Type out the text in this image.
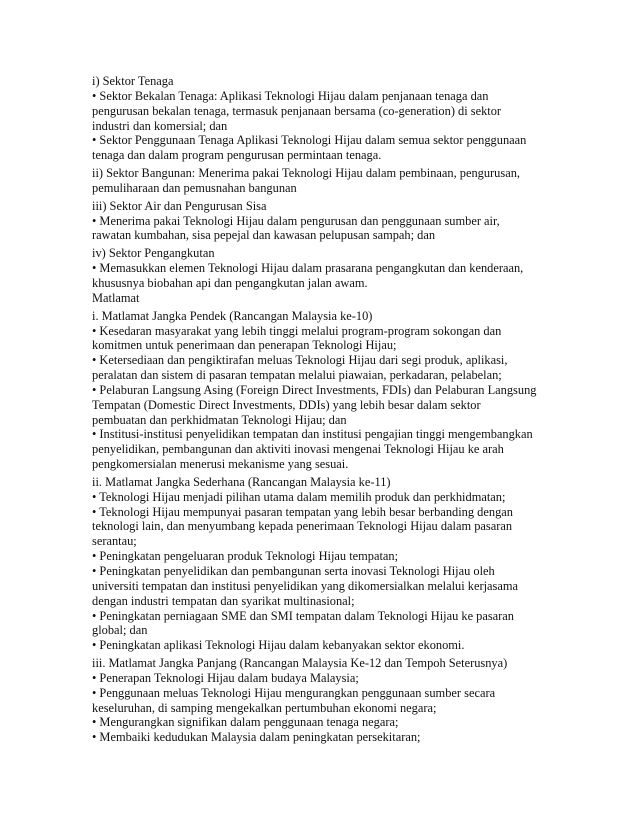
i) Sektor Tenaga
• Sektor Bekalan Tenaga: Aplikasi Teknologi Hijau dalam penjanaan tenaga dan
pengurusan bekalan tenaga, termasuk penjanaan bersama (co-generation) di sektor
industri dan komersial; dan
• Sektor Penggunaan Tenaga Aplikasi Teknologi Hijau dalam semua sektor penggunaan
tenaga dan dalam program pengurusan permintaan tenaga.
ii) Sektor Bangunan: Menerima pakai Teknologi Hijau dalam pembinaan, pengurusan,
pemuliharaan dan pemusnahan bangunan
iii) Sektor Air dan Pengurusan Sisa
• Menerima pakai Teknologi Hijau dalam pengurusan dan penggunaan sumber air,
rawatan kumbahan, sisa pepejal dan kawasan pelupusan sampah; dan
iv) Sektor Pengangkutan
• Memasukkan elemen Teknologi Hijau dalam prasarana pengangkutan dan kenderaan,
khususnya biobahan api dan pengangkutan jalan awam.
Matlamat
i. Matlamat Jangka Pendek (Rancangan Malaysia ke-10)
• Kesedaran masyarakat yang lebih tinggi melalui program-program sokongan dan
komitmen untuk penerimaan dan penerapan Teknologi Hijau;
• Ketersediaan dan pengiktirafan meluas Teknologi Hijau dari segi produk, aplikasi,
peralatan dan sistem di pasaran tempatan melalui piawaian, perkadaran, pelabelan;
• Pelaburan Langsung Asing (Foreign Direct Investments, FDIs) dan Pelaburan Langsung
Tempatan (Domestic Direct Investments, DDIs) yang lebih besar dalam sektor
pembuatan dan perkhidmatan Teknologi Hijau; dan
• Institusi-institusi penyelidikan tempatan dan institusi pengajian tinggi mengembangkan
penyelidikan, pembangunan dan aktiviti inovasi mengenai Teknologi Hijau ke arah
pengkomersialan menerusi mekanisme yang sesuai.
ii. Matlamat Jangka Sederhana (Rancangan Malaysia ke-11)
• Teknologi Hijau menjadi pilihan utama dalam memilih produk dan perkhidmatan;
• Teknologi Hijau mempunyai pasaran tempatan yang lebih besar berbanding dengan
teknologi lain, dan menyumbang kepada penerimaan Teknologi Hijau dalam pasaran
serantau;
• Peningkatan pengeluaran produk Teknologi Hijau tempatan;
• Peningkatan penyelidikan dan pembangunan serta inovasi Teknologi Hijau oleh
universiti tempatan dan institusi penyelidikan yang dikomersialkan melalui kerjasama
dengan industri tempatan dan syarikat multinasional;
• Peningkatan perniagaan SME dan SMI tempatan dalam Teknologi Hijau ke pasaran
global; dan
• Peningkatan aplikasi Teknologi Hijau dalam kebanyakan sektor ekonomi.
iii. Matlamat Jangka Panjang (Rancangan Malaysia Ke-12 dan Tempoh Seterusnya)
• Penerapan Teknologi Hijau dalam budaya Malaysia;
• Penggunaan meluas Teknologi Hijau mengurangkan penggunaan sumber secara
keseluruhan, di samping mengekalkan pertumbuhan ekonomi negara;
• Mengurangkan signifikan dalam penggunaan tenaga negara;
• Membaiki kedudukan Malaysia dalam peningkatan persekitaran;
